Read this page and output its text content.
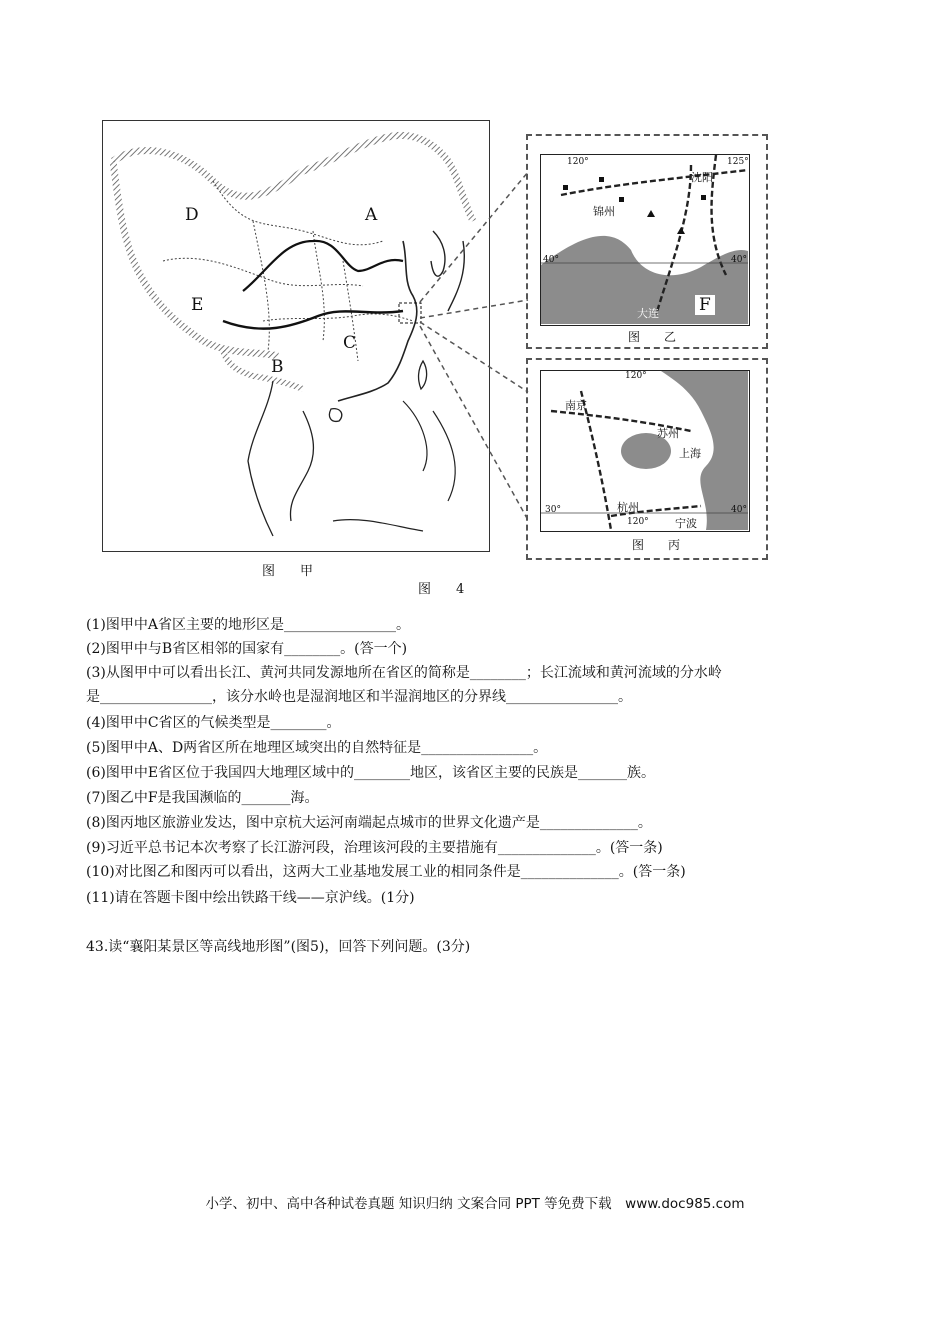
A
D
E
B
C
图　甲
图　4
120°	125°
40°	40°
沈阳
锦州
大连 F
图　乙
120°
120°
30°	40°
南京
苏州
上海
杭州
宁波
图　丙
(1)图甲中A省区主要的地形区是________________。
(2)图甲中与B省区相邻的国家有________。(答一个)
(3)从图甲中可以看出长江、黄河共同发源地所在省区的简称是________；长江流域和黄河流域的分水岭
是________________，该分水岭也是湿润地区和半湿润地区的分界线________________。
(4)图甲中C省区的气候类型是________。
(5)图甲中A、D两省区所在地理区域突出的自然特征是________________。
(6)图甲中E省区位于我国四大地理区域中的________地区，该省区主要的民族是_______族。
(7)图乙中F是我国濒临的_______海。
(8)图丙地区旅游业发达，图中京杭大运河南端起点城市的世界文化遗产是______________。
(9)习近平总书记本次考察了长江游河段，治理该河段的主要措施有______________。(答一条)
(10)对比图乙和图丙可以看出，这两大工业基地发展工业的相同条件是______________。(答一条)
(11)请在答题卡图中绘出铁路干线——京沪线。(1分)
43.读“襄阳某景区等高线地形图”(图5)，回答下列问题。(3分)
小学、初中、高中各种试卷真题 知识归纳 文案合同 PPT 等免费下载　www.doc985.com
